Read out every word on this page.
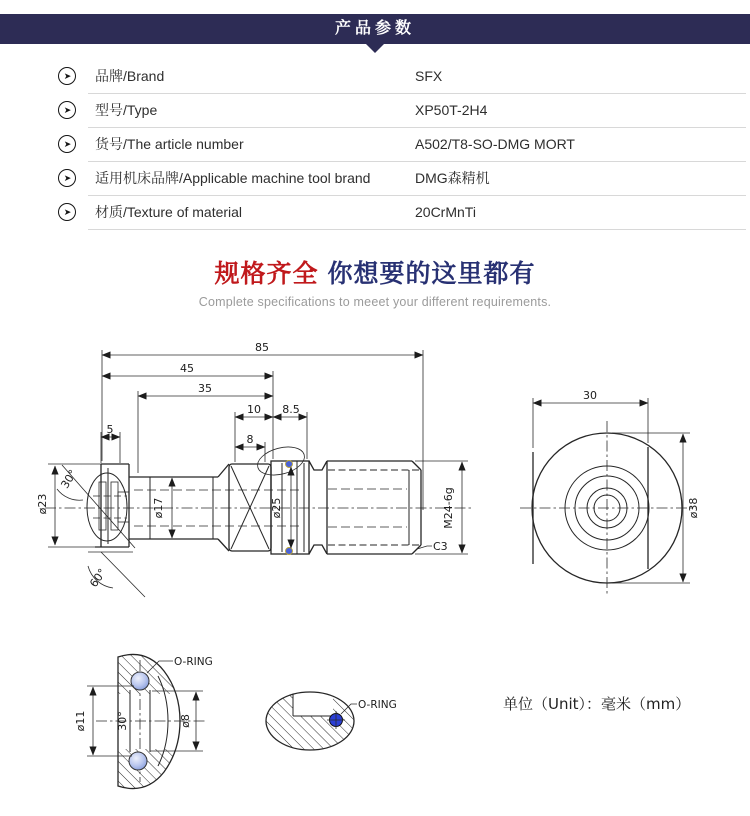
产品参数
➤ 品牌/Brand	SFX
➤ 型号/Type	XP50T-2H4
➤ 货号/The article number	A502/T8-SO-DMG MORT
➤ 适用机床品牌/Applicable machine tool brand	DMG森精机
➤ 材质/Texture of material	20CrMnTi
规格齐全 你想要的这里都有
Complete specifications to meeet your different requirements.
85
45
35
10 8.5
5
8
30°
60°
ø23	ø17	ø25	M24-6g
C3
30
ø38
30°
ø11	ø8
O-RING
O-RING	单位（Unit）：毫米（mm）
